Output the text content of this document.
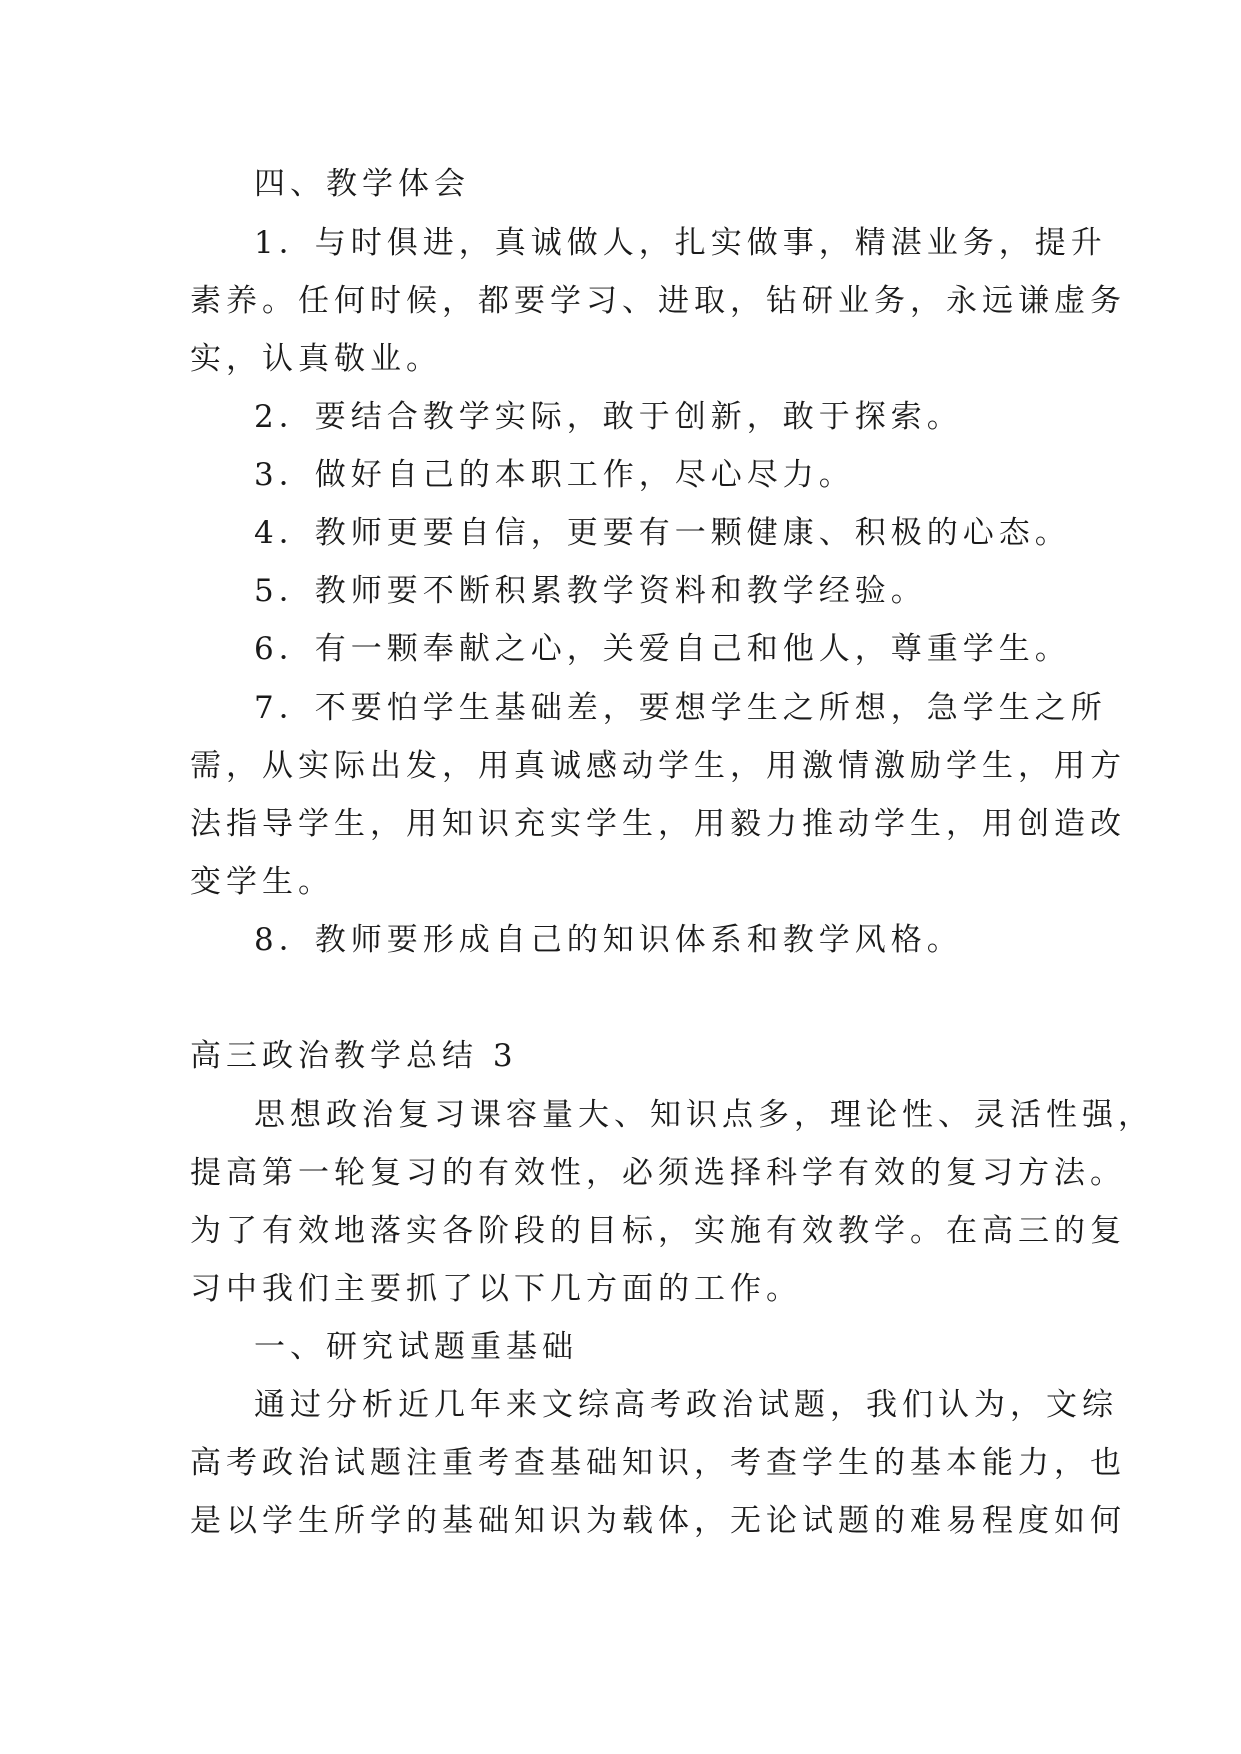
四、教学体会
1．与时俱进，真诚做人，扎实做事，精湛业务，提升
素养。任何时候，都要学习、进取，钻研业务，永远谦虚务
实，认真敬业。
2．要结合教学实际，敢于创新，敢于探索。
3．做好自己的本职工作，尽心尽力。
4．教师更要自信，更要有一颗健康、积极的心态。
5．教师要不断积累教学资料和教学经验。
6．有一颗奉献之心，关爱自己和他人，尊重学生。
7．不要怕学生基础差，要想学生之所想，急学生之所
需，从实际出发，用真诚感动学生，用激情激励学生，用方
法指导学生，用知识充实学生，用毅力推动学生，用创造改
变学生。
8．教师要形成自己的知识体系和教学风格。
高三政治教学总结 3
思想政治复习课容量大、知识点多，理论性、灵活性强，
提高第一轮复习的有效性，必须选择科学有效的复习方法。
为了有效地落实各阶段的目标，实施有效教学。在高三的复
习中我们主要抓了以下几方面的工作。
一、研究试题重基础
通过分析近几年来文综高考政治试题，我们认为，文综
高考政治试题注重考查基础知识，考查学生的基本能力，也
是以学生所学的基础知识为载体，无论试题的难易程度如何
